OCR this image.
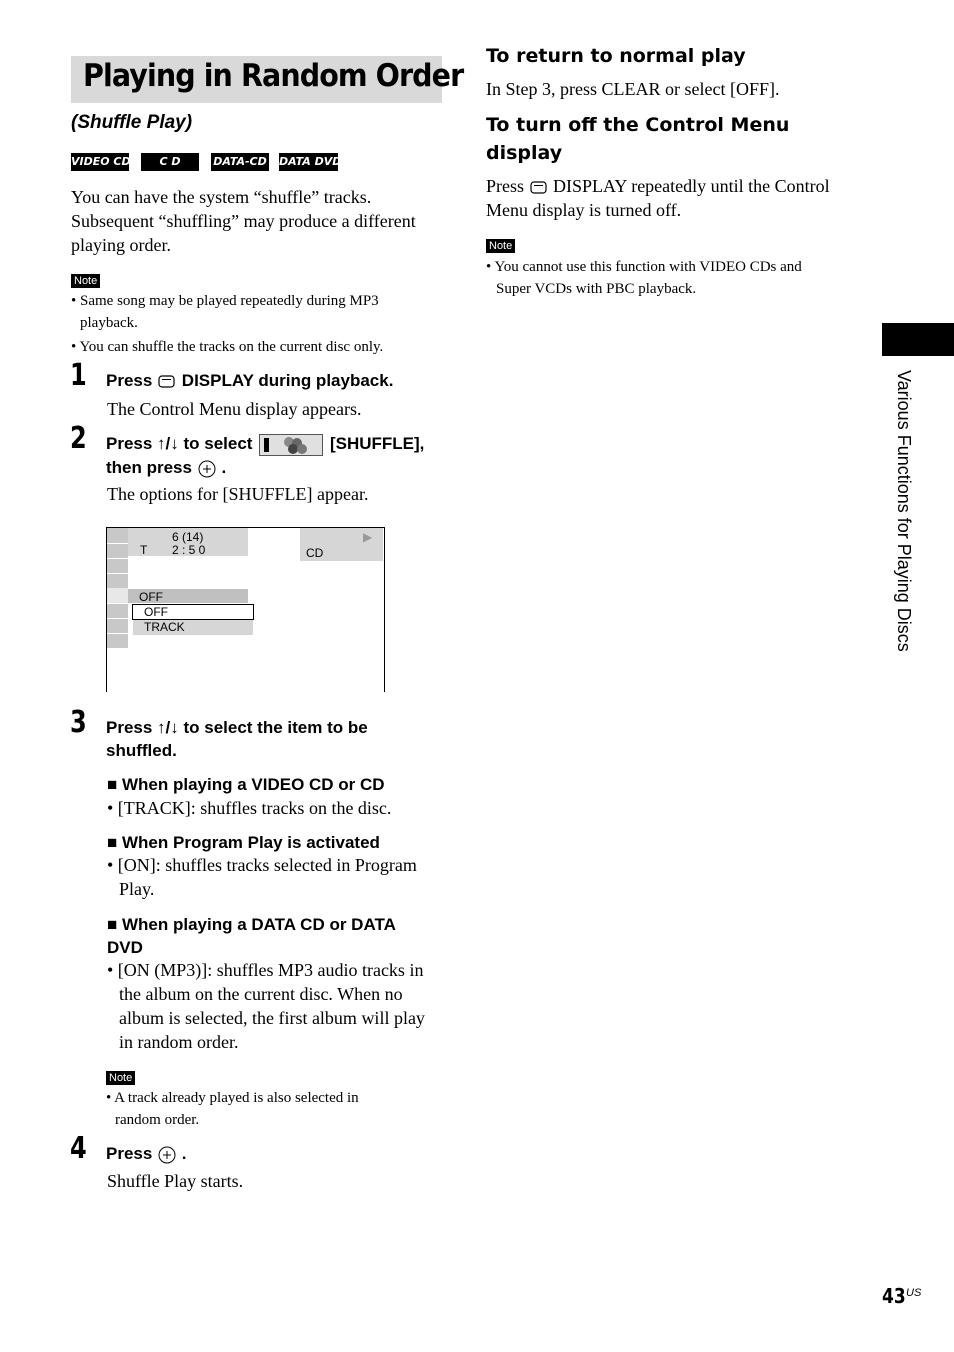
Playing in Random Order
(Shuffle Play)
VIDEO CD	C D	DATA-CD DATA DVD
You can have the system “shuffle” tracks.
Subsequent “shuffling” may produce a different
playing order.
Note
• Same song may be played repeatedly during MP3
playback.
• You can shuffle the tracks on the current disc only.
1 Press DISPLAY during playback.
The Control Menu display appears.
2 Press ↑/↓ to select	[SHUFFLE],
then press .
The options for [SHUFFLE] appear.
6 (14)
T 2 : 5 0	CD
▶
OFF
OFF
TRACK
3 Press ↑/↓ to select the item to be
shuffled.
■ When playing a VIDEO CD or CD
• [TRACK]: shuffles tracks on the disc.
■ When Program Play is activated
• [ON]: shuffles tracks selected in Program
Play.
■ When playing a DATA CD or DATA
DVD
• [ON (MP3)]: shuffles MP3 audio tracks in
the album on the current disc. When no
album is selected, the first album will play
in random order.
Note
• A track already played is also selected in
random order.
4 Press .
Shuffle Play starts.
To return to normal play
In Step 3, press CLEAR or select [OFF].
To turn off the Control Menu
display
Press DISPLAY repeatedly until the Control
Menu display is turned off.
Note
• You cannot use this function with VIDEO CDs and
Super VCDs with PBC playback.
Various Functions for Playing Discs
43 US
